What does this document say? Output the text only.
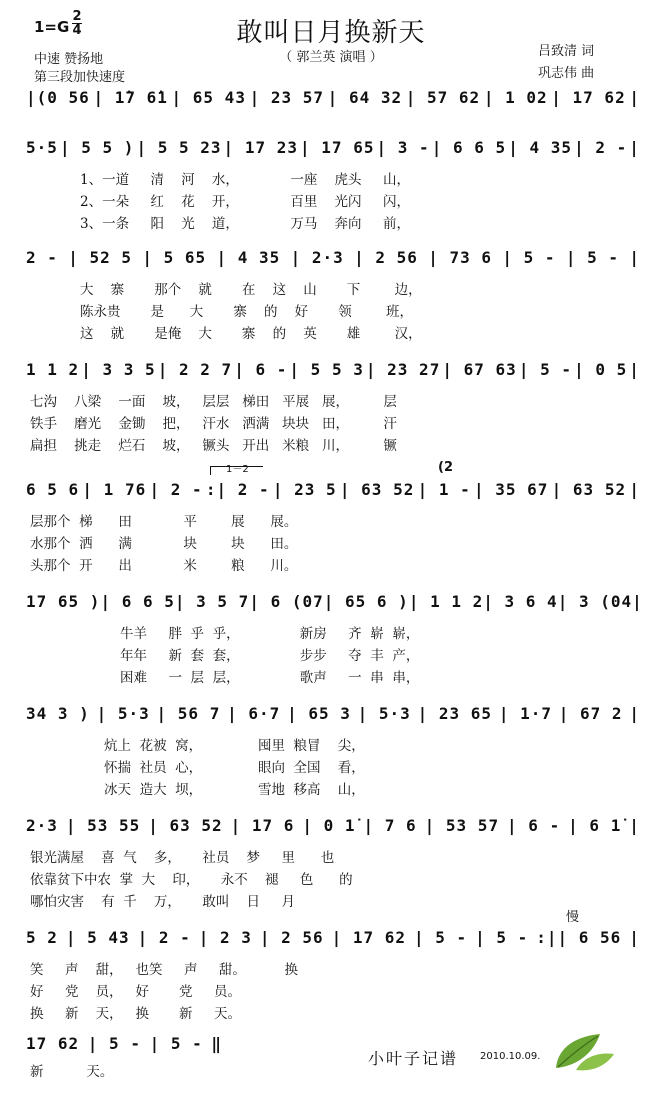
1=G
2
4	敢叫日月换新天
（ 郭兰英 演唱 ）
中速 赞扬地
第三段加快速度
吕致清 词
巩志伟 曲
|(0 56 | 1̇7 6̇1 | 65 43 | 23 57 | 64 32 | 57 62 | 1 02 | 17 62 |
5·5 | 5 5 ) | 5 5 23 | 17 23 | 17 65 | 3 - | 6 6 5 | 4 35 | 2 - |
1、一道     清    河    水，            一座    虎头     山，
2、一朵     红    花    开，            百里    光闪     闪，
3、一条     阳    光    道，            万马    奔向     前，
2 - | 52 5 | 5 65 | 4 35 | 2·3 | 2 56 | 73 6 | 5 - | 5 - |
大    寨       那个    就       在    这    山       下        边，
陈永贵       是      大       寨    的    好       领        班，
这    就       是俺    大       寨    的    英       雄        汉，
1 1 2 | 3 3 5 | 2 2 7 | 6 - | 5 5 3 | 23 27 | 67 63 | 5 - | 0 5 |
七沟    八梁    一面    坡，   层层   梯田   平展   展，        层
铁手    磨光    金锄    把，   汗水   洒满   块块   田，        汗
扁担    挑走    烂石    坡，   镢头   开出   米粮   川，        镢
1－2	(2
6 5 6 | 1 76 | 2 - :| 2 - | 23 5 | 63 52 | 1 - | 35 67 | 63 52 |
层那个  梯      田            平        展      展。
水那个  洒      满            块        块      田。
头那个  开      出            米        粮      川。
17 65 ) | 6 6 5 | 3 5 7 | 6 (07 | 65 6 ) | 1 1 2 | 3 6 4 | 3 (04 |
牛羊     胖  乎  乎，              新房     齐  崭  崭，
年年     新  套  套，              步步     夺  丰  产，
困难     一  层  层，              歌声     一  串  串，
34 3 ) | 5·3 | 56 7 | 6·7 | 65 3 | 5·3 | 23 65 | 1·7 | 67 2 |
炕上  花被  窝，             囤里  粮冒    尖，
怀揣  社员  心，             眼向  全国    看，
冰天  造大  坝，             雪地  移高    山，
2·3 | 53 55 | 63 52 | 17 6 | 0 1̇ | 7 6 | 53 57 | 6 - | 6 1̇ |
银光满屋    喜  气    多，     社员    梦     里      也
依靠贫下中农  掌  大    印，     永不    褪     色      的
哪怕灾害    有  千    万，     敢叫    日     月
慢
5 2 | 5 43 | 2 - | 2 3 | 2 56 | 17 62 | 5 - | 5 - :|| 6 56 |
笑     声    甜，   也笑     声     甜。         换
好     党    员，   好       党     员。
换     新    天，   换       新     天。
17 62 | 5 - | 5 - ‖
新          天。
小叶子记谱 2010.10.09.
